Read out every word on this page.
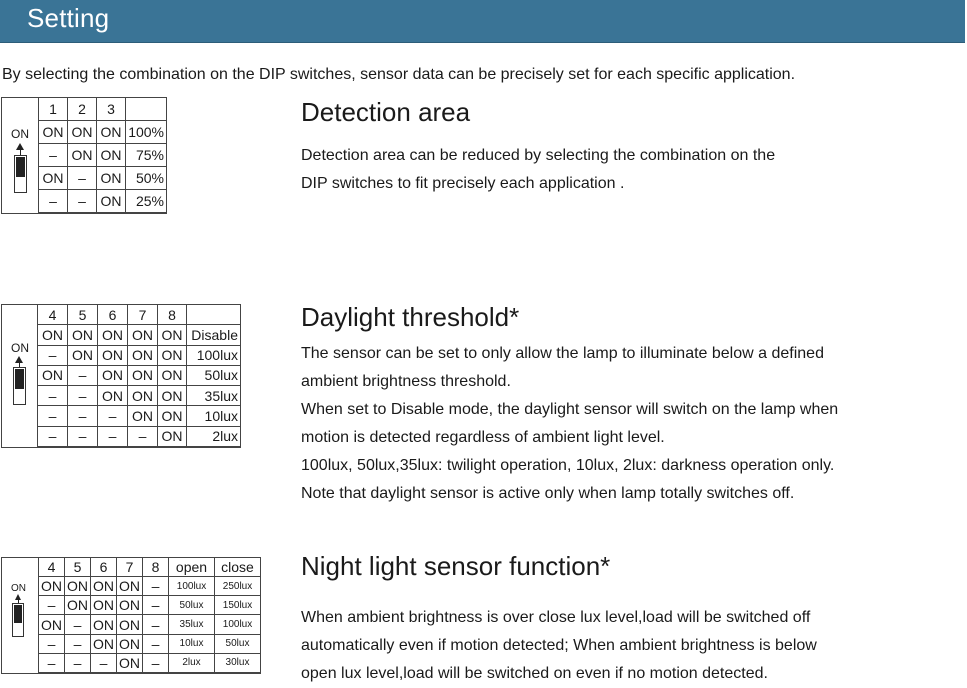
Setting
By selecting the combination on the DIP switches, sensor data can be precisely set for each specific application.
ON
1	2	3	
ON	ON	ON	100%
–	ON	ON	75%
ON	–	ON	50%
–	–	ON	25%
Detection area
Detection area can be reduced by selecting the combination on the
DIP switches to fit precisely each application .
ON
4	5	6	7	8	
ON	ON	ON	ON	ON	Disable
–	ON	ON	ON	ON	100lux
ON	–	ON	ON	ON	50lux
–	–	ON	ON	ON	35lux
–	–	–	ON	ON	10lux
–	–	–	–	ON	2lux
Daylight threshold*
The sensor can be set to only allow the lamp to illuminate below a defined
ambient brightness threshold.
When set to Disable mode, the daylight sensor will switch on the lamp when
motion is detected regardless of ambient light level.
100lux, 50lux,35lux: twilight operation, 10lux, 2lux: darkness operation only.
Note that daylight sensor is active only when lamp totally switches off.
ON
4	5	6	7	8	open	close
ON	ON	ON	ON	–	100lux	250lux
–	ON	ON	ON	–	50lux	150lux
ON	–	ON	ON	–	35lux	100lux
–	–	ON	ON	–	10lux	50lux
–	–	–	ON	–	2lux	30lux
Night light sensor function*
When ambient brightness is over close lux level,load will be switched off
automatically even if motion detected; When ambient brightness is below
open lux level,load will be switched on even if no motion detected.
